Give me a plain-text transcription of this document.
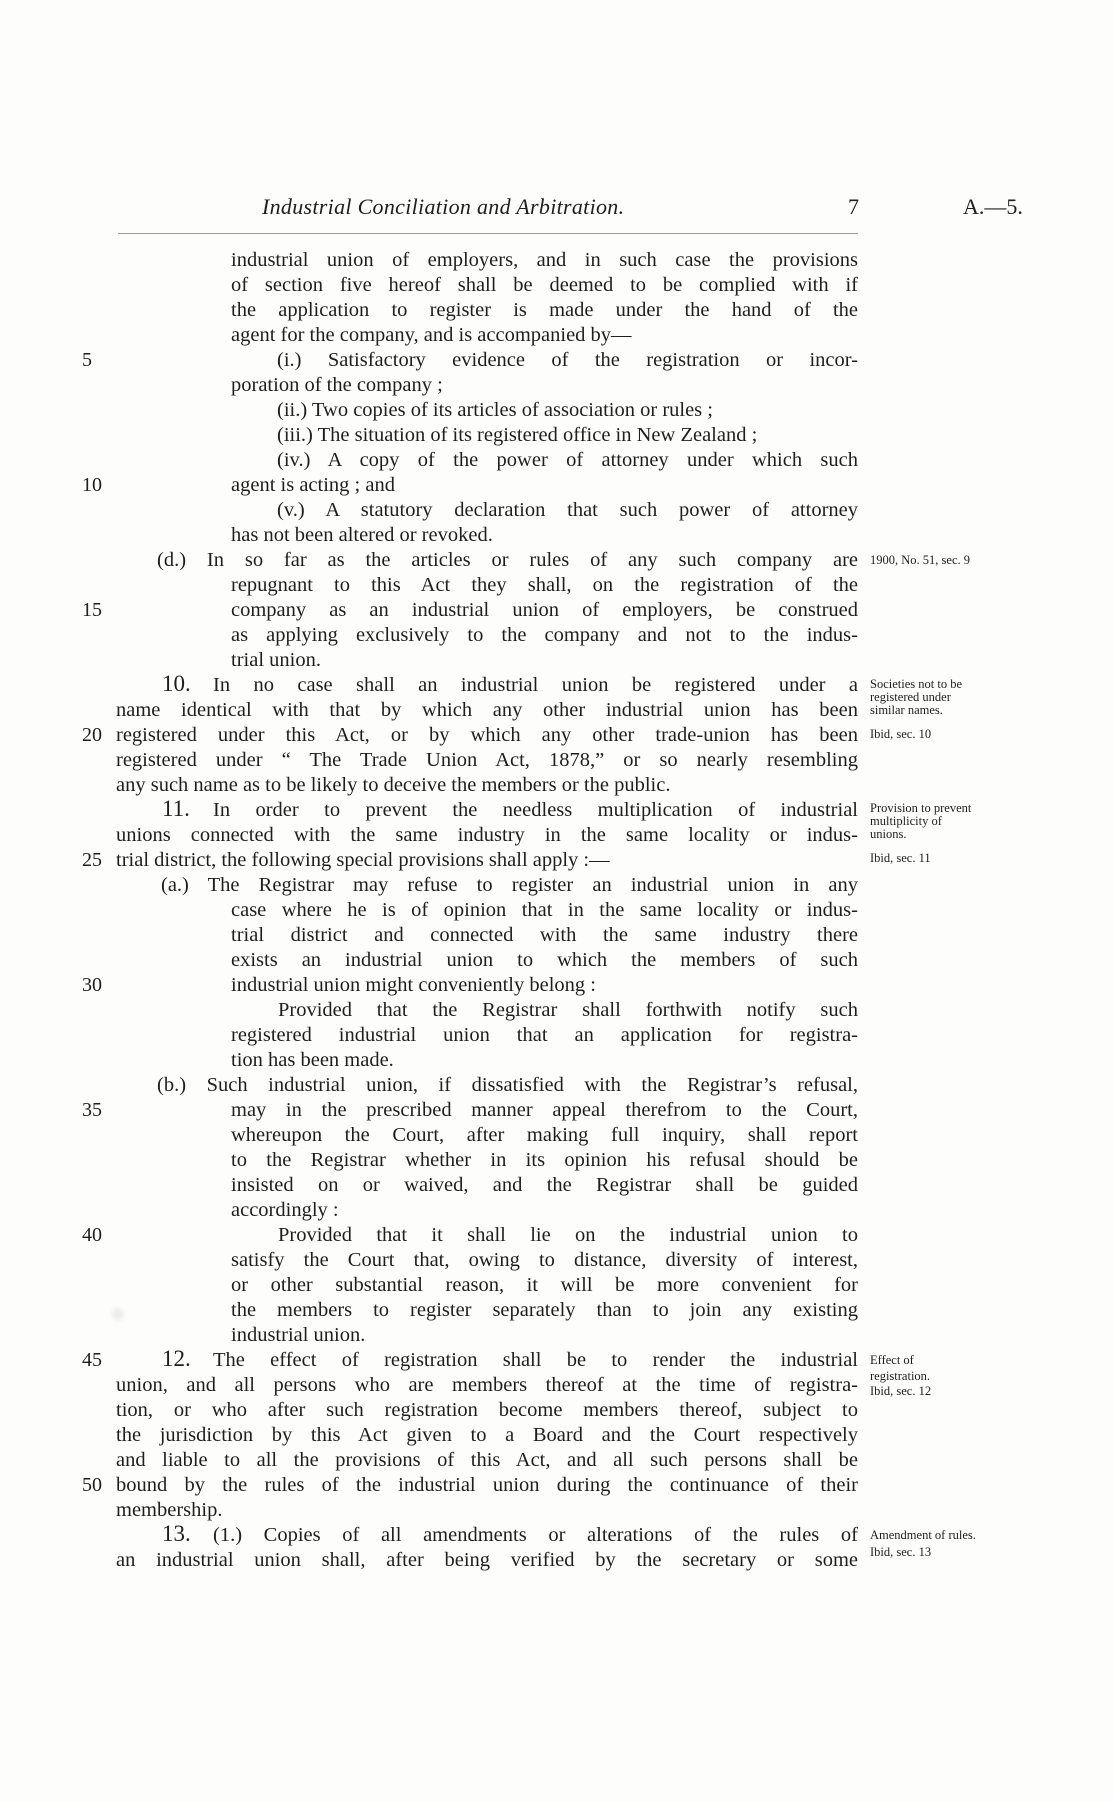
Industrial Conciliation and Arbitration.	7	A.—5.
5
10
15
20
25
30
35
40
45
50
industrial union of employers, and in such case the provisions
of section five hereof shall be deemed to be complied with if
the application to register is made under the hand of the
agent for the company, and is accompanied by—
(i.) Satisfactory evidence of the registration or incor-
poration of the company ;
(ii.) Two copies of its articles of association or rules ;
(iii.) The situation of its registered office in New Zealand ;
(iv.) A copy of the power of attorney under which such
agent is acting ; and
(v.) A statutory declaration that such power of attorney
has not been altered or revoked.
(d.) In so far as the articles or rules of any such company are
repugnant to this Act they shall, on the registration of the
company as an industrial union of employers, be construed
as applying exclusively to the company and not to the indus-
trial union.
10. In no case shall an industrial union be registered under a
name identical with that by which any other industrial union has been
registered under this Act, or by which any other trade-union has been
registered under “ The Trade Union Act, 1878,” or so nearly resembling
any such name as to be likely to deceive the members or the public.
11. In order to prevent the needless multiplication of industrial
unions connected with the same industry in the same locality or indus-
trial district, the following special provisions shall apply :—
(a.) The Registrar may refuse to register an industrial union in any
case where he is of opinion that in the same locality or indus-
trial district and connected with the same industry there
exists an industrial union to which the members of such
industrial union might conveniently belong :
Provided that the Registrar shall forthwith notify such
registered industrial union that an application for registra-
tion has been made.
(b.) Such industrial union, if dissatisfied with the Registrar’s refusal,
may in the prescribed manner appeal therefrom to the Court,
whereupon the Court, after making full inquiry, shall report
to the Registrar whether in its opinion his refusal should be
insisted on or waived, and the Registrar shall be guided
accordingly :
Provided that it shall lie on the industrial union to
satisfy the Court that, owing to distance, diversity of interest,
or other substantial reason, it will be more convenient for
the members to register separately than to join any existing
industrial union.
12. The effect of registration shall be to render the industrial
union, and all persons who are members thereof at the time of registra-
tion, or who after such registration become members thereof, subject to
the jurisdiction by this Act given to a Board and the Court respectively
and liable to all the provisions of this Act, and all such persons shall be
bound by the rules of the industrial union during the continuance of their
membership.
13. (1.) Copies of all amendments or alterations of the rules of
an industrial union shall, after being verified by the secretary or some
1900, No. 51, sec. 9
Societies not to be
registered under
similar names.
Ibid, sec. 10
Provision to prevent
multiplicity of
unions.
Ibid, sec. 11
Effect of
registration.
Ibid, sec. 12
Amendment of rules.
Ibid, sec. 13
